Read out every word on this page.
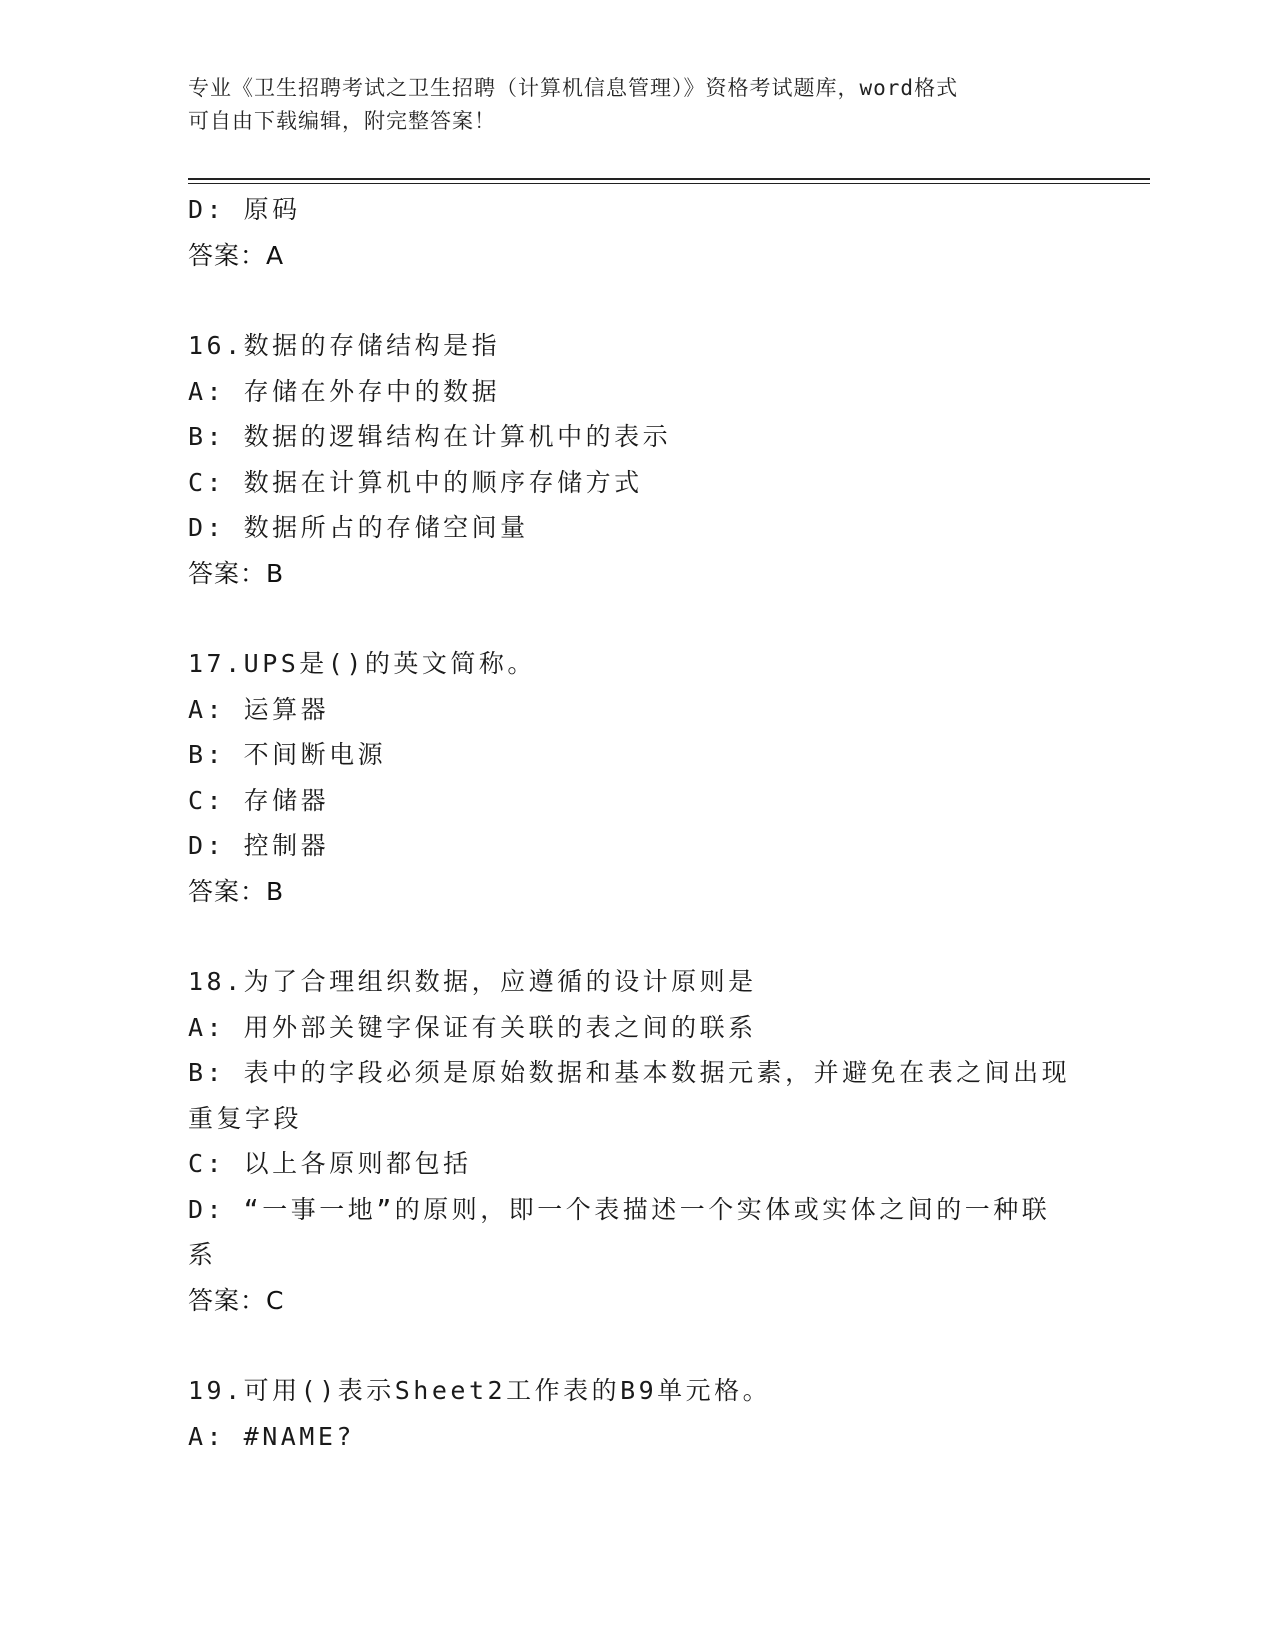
专业《卫生招聘考试之卫生招聘（计算机信息管理）》资格考试题库，word格式
可自由下载编辑，附完整答案！
D: 原码
答案：A
16.数据的存储结构是指
A: 存储在外存中的数据
B: 数据的逻辑结构在计算机中的表示
C: 数据在计算机中的顺序存储方式
D: 数据所占的存储空间量
答案：B
17.UPS是()的英文简称。
A: 运算器
B: 不间断电源
C: 存储器
D: 控制器
答案：B
18.为了合理组织数据，应遵循的设计原则是
A: 用外部关键字保证有关联的表之间的联系
B: 表中的字段必须是原始数据和基本数据元素，并避免在表之间出现
重复字段
C: 以上各原则都包括
D: “一事一地”的原则，即一个表描述一个实体或实体之间的一种联
系
答案：C
19.可用()表示Sheet2工作表的B9单元格。
A: #NAME?
